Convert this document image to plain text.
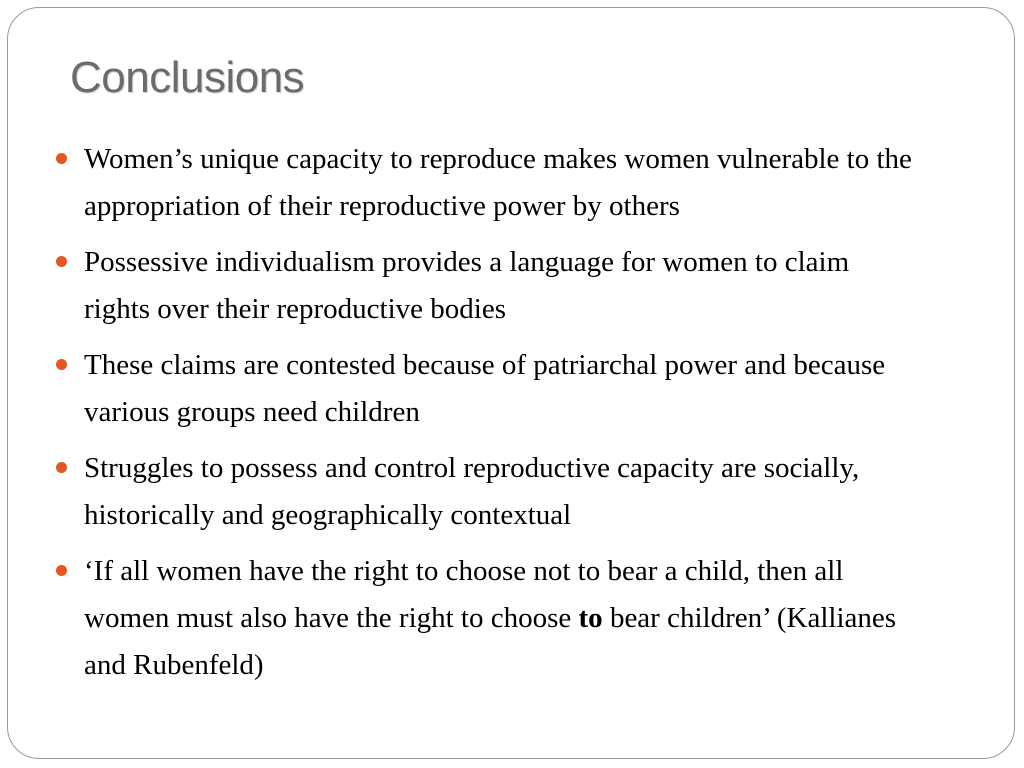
Conclusions
Women’s unique capacity to reproduce makes women vulnerable to the appropriation of their reproductive power by others
Possessive individualism provides a language for women to claim rights over their reproductive bodies
These claims are contested because of patriarchal power and because various groups need children
Struggles to possess and control reproductive capacity are socially, historically and geographically contextual
‘If all women have the right to choose not to bear a child, then all women must also have the right to choose to bear children’ (Kallianes and Rubenfeld)
